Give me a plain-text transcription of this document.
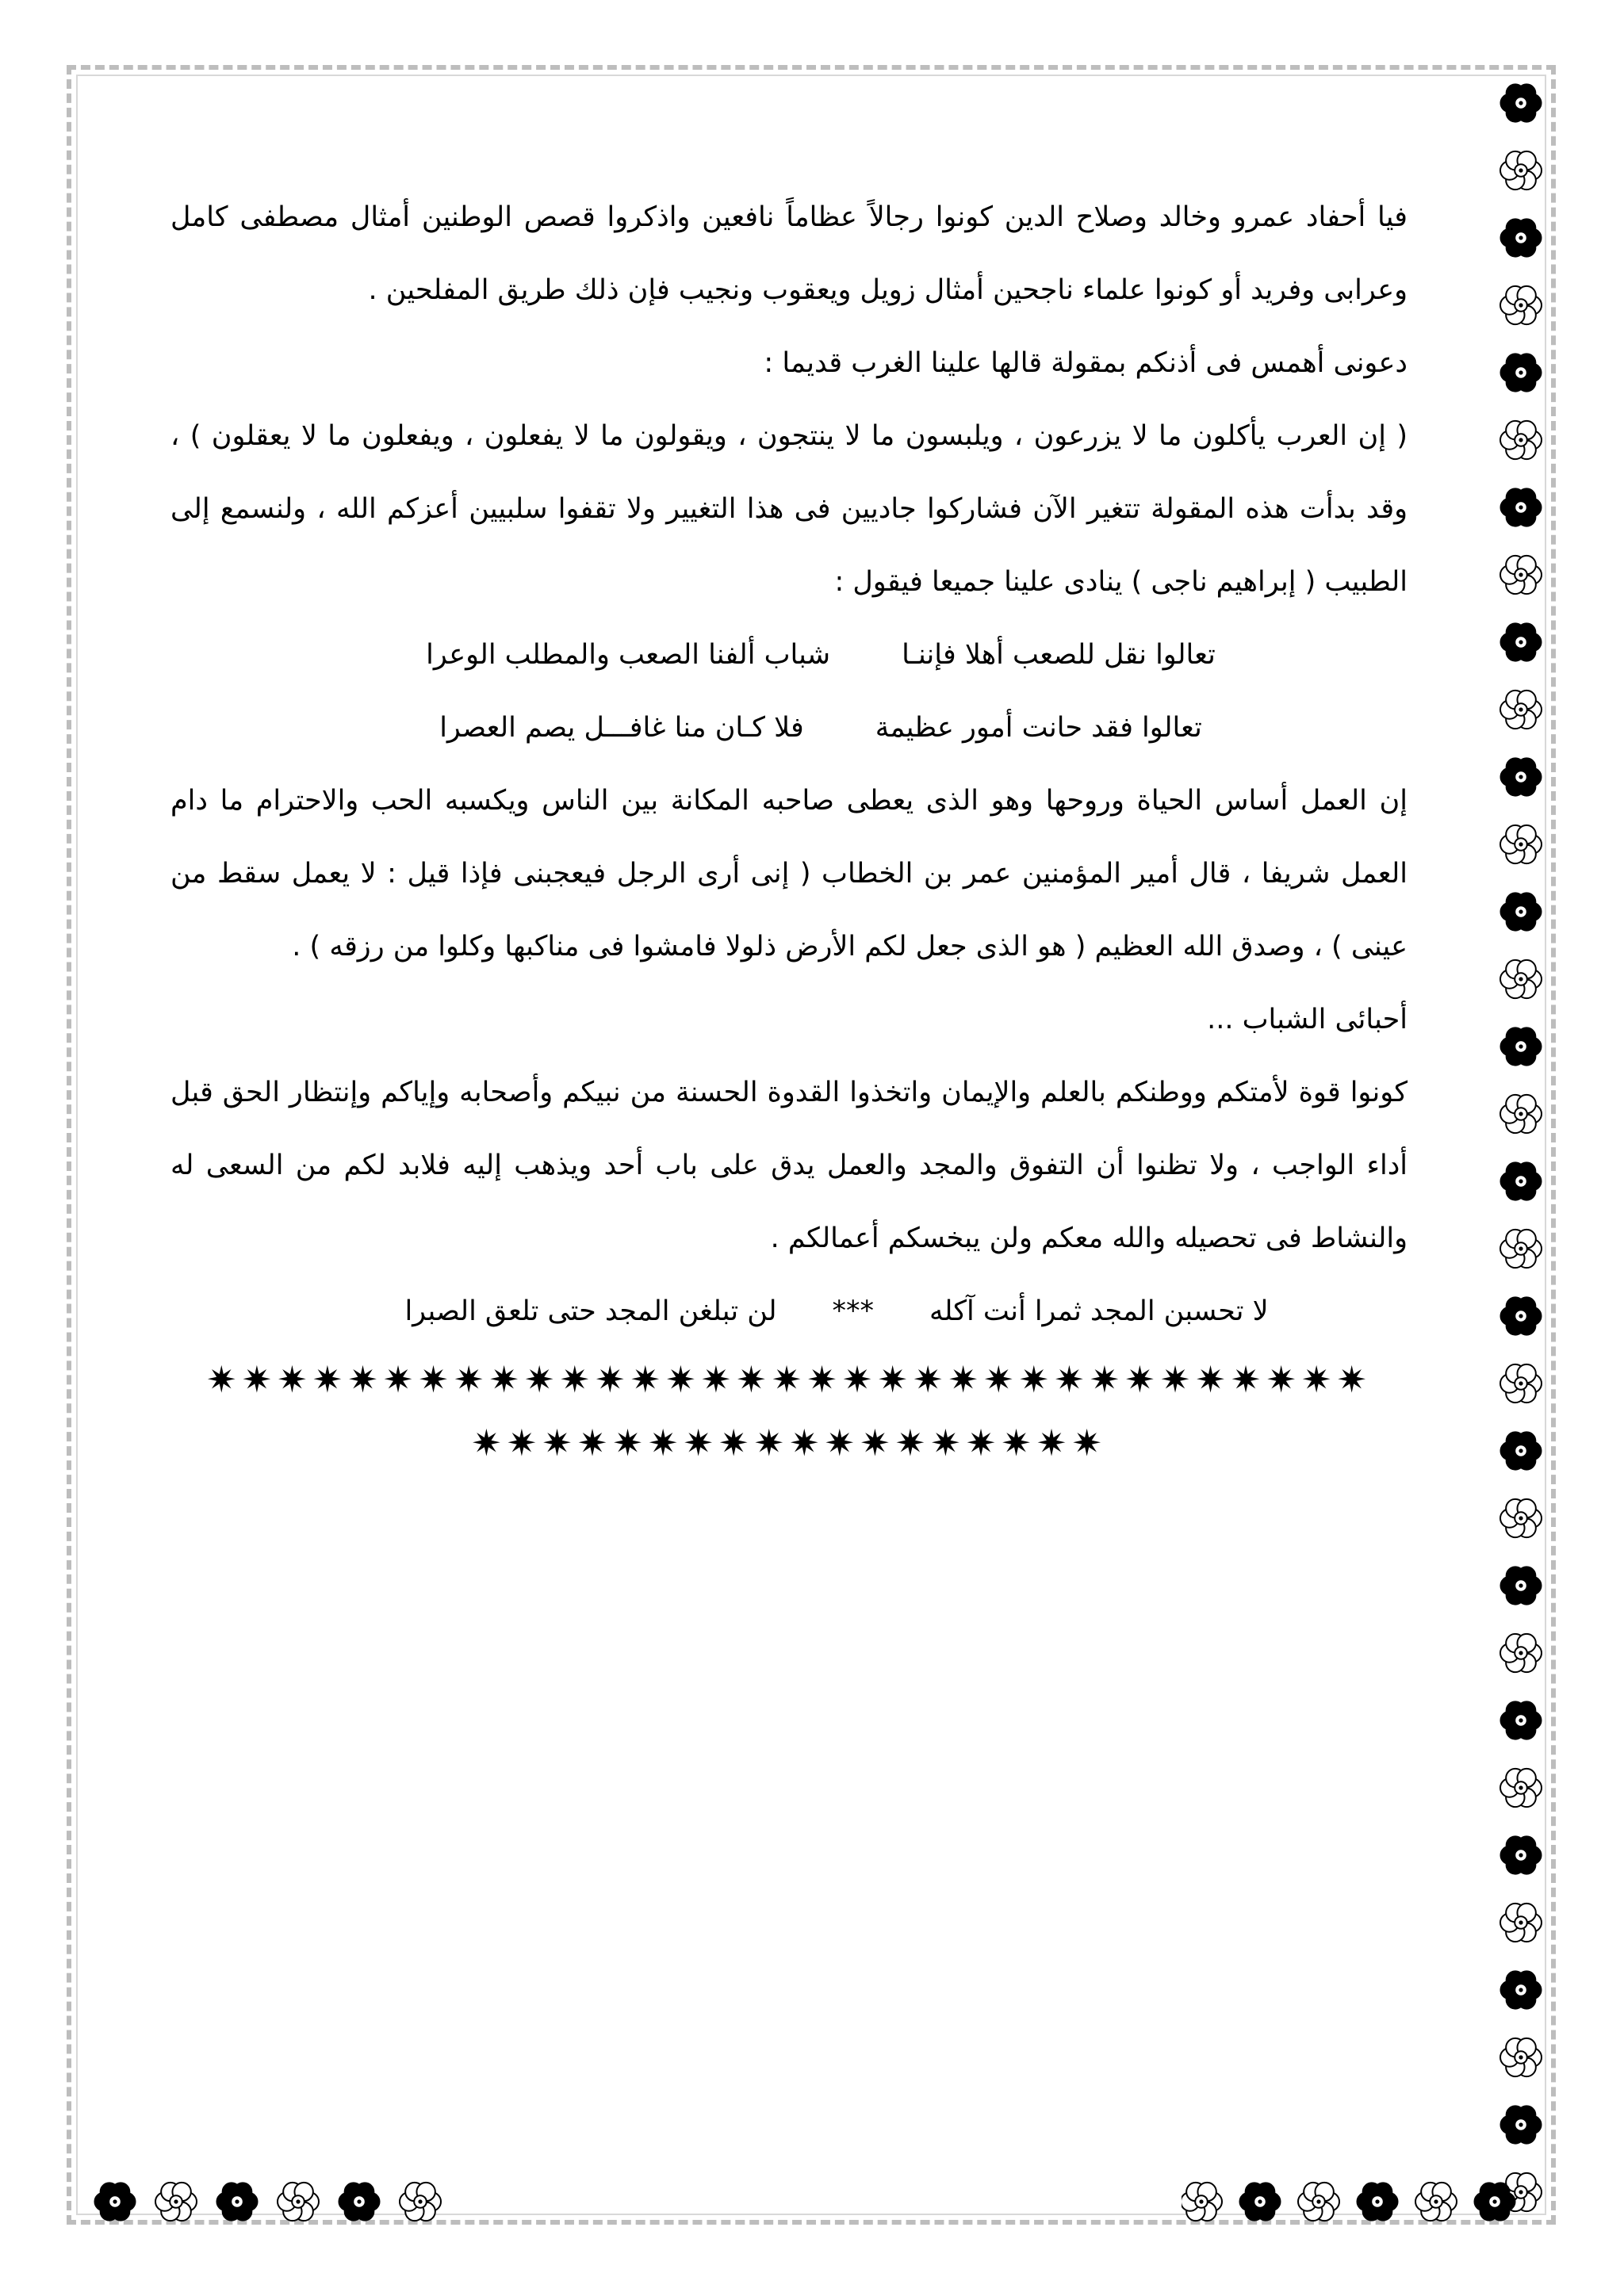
فيا أحفاد عمرو وخالد وصلاح الدين كونوا رجالاً عظاماً نافعين واذكروا قصص الوطنين أمثال مصطفى كامل وعرابى وفريد أو كونوا علماء ناجحين أمثال زويل ويعقوب ونجيب فإن ذلك طريق المفلحين .

دعونى أهمس فى أذنكم بمقولة قالها علينا الغرب قديما :

( إن العرب يأكلون ما لا يزرعون ، ويلبسون ما لا ينتجون ، ويقولون ما لا يفعلون ، ويفعلون ما لا يعقلون ) ، وقد بدأت هذه المقولة تتغير الآن فشاركوا جاديين فى هذا التغيير ولا تقفوا سلبيين أعزكم الله ، ولنسمع إلى الطبيب ( إبراهيم ناجى ) ينادى علينا جميعا فيقول :

تعالوا نقل للصعب أهلا فإننـا
شباب ألفنا الصعب والمطلب الوعرا
تعالوا فقد حانت أمور عظيمة
فلا كـان منا غافـــل يصم العصرا

إن العمل أساس الحياة وروحها وهو الذى يعطى صاحبه المكانة بين الناس ويكسبه الحب والاحترام ما دام العمل شريفا ، قال أمير المؤمنين عمر بن الخطاب ( إنى أرى الرجل فيعجبنى فإذا قيل : لا يعمل سقط من عينى ) ، وصدق الله العظيم ( هو الذى جعل لكم الأرض ذلولا فامشوا فى مناكبها وكلوا من رزقه ) .

أحبائى الشباب ...

كونوا قوة لأمتكم ووطنكم بالعلم والإيمان واتخذوا القدوة الحسنة من نبيكم وأصحابه وإياكم وإنتظار الحق قبل أداء الواجب ، ولا تظنوا أن التفوق والمجد والعمل يدق على باب أحد ويذهب إليه فلابد لكم من السعى له والنشاط فى تحصيله والله معكم ولن يبخسكم أعمالكم .

لا تحسبن المجد ثمرا أنت آكله
***
لن تبلغن المجد حتى تلعق الصبرا
✷✷✷✷✷✷✷✷✷✷✷✷✷✷✷✷✷✷✷✷✷✷✷✷✷✷✷✷✷✷✷✷✷
✷✷✷✷✷✷✷✷✷✷✷✷✷✷✷✷✷✷
